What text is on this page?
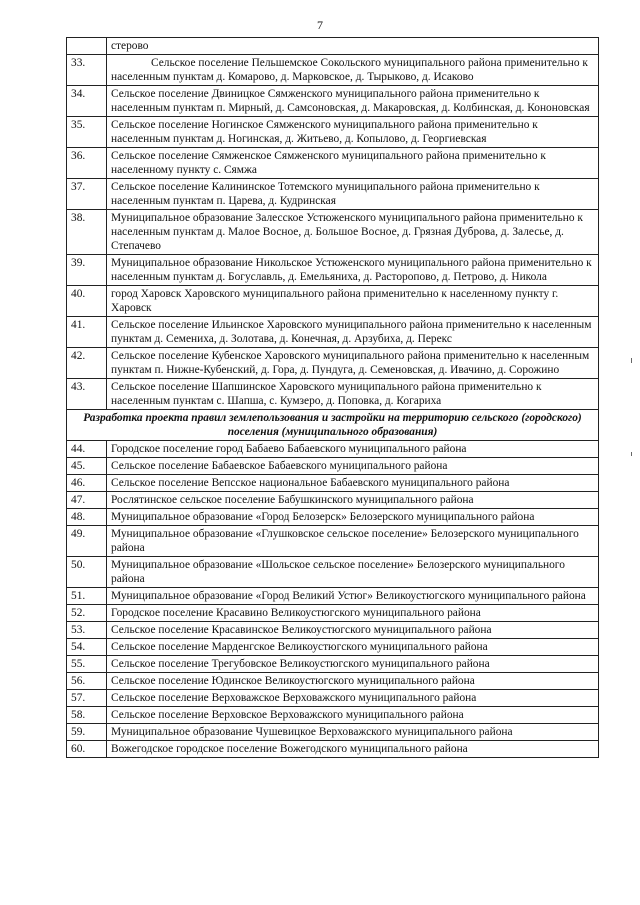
7
	стерово
33.	Сельское поселение Пельшемское Сокольского муниципального района применительно к населенным пунктам д. Комарово, д. Марковское, д. Тырыково, д. Исаково
34.	Сельское поселение Двиницкое Сямженского муниципального района применительно к населенным пунктам п. Мирный, д. Самсоновская, д. Макаровская, д. Колбинская, д. Кононовская
35.	Сельское поселение Ногинское Сямженского муниципального района применительно к населенным пунктам д. Ногинская, д. Житьево, д. Копылово, д. Георгиевская
36.	Сельское поселение Сямженское Сямженского муниципального района применительно к населенному пункту с. Сямжа
37.	Сельское поселение Калининское Тотемского муниципального района применительно к населенным пунктам п. Царева, д. Кудринская
38.	Муниципальное образование Залесское Устюженского муниципального района применительно к населенным пунктам д. Малое Восное, д. Большое Восное, д. Грязная Дуброва, д. Залесье, д. Степачево
39.	Муниципальное образование Никольское Устюженского муниципального района применительно к населенным пунктам д. Богуславль, д. Емельяниха, д. Расторопово, д. Петрово, д. Никола
40.	город Харовск Харовского муниципального района применительно к населенному пункту г. Харовск
41.	Сельское поселение Ильинское Харовского муниципального района применительно к населенным пунктам д. Семениха, д. Золотава, д. Конечная, д. Арзубиха, д. Перекс
42.	Сельское поселение Кубенское Харовского муниципального района применительно к населенным пунктам п. Нижне-Кубенский, д. Гора, д. Пундуга, д. Семеновская, д. Ивачино, д. Сорожино
43.	Сельское поселение Шапшинское Харовского муниципального района применительно к населенным пунктам с. Шапша, с. Кумзеро, д. Поповка, д. Когариха
Разработка проекта правил землепользования и застройки на территорию сельского (городского) поселения (муниципального образования)	
44.	Городское поселение город Бабаево Бабаевского муниципального района
45.	Сельское поселение Бабаевское Бабаевского муниципального района
46.	Сельское поселение Вепсское национальное Бабаевского муниципального района
47.	Рослятинское сельское поселение Бабушкинского муниципального района
48.	Муниципальное образование «Город Белозерск» Белозерского муниципального района
49.	Муниципальное образование «Глушковское сельское поселение» Белозерского муниципального района
50.	Муниципальное образование «Шольское сельское поселение» Белозерского муниципального района
51.	Муниципальное образование «Город Великий Устюг» Великоустюгского муниципального района
52.	Городское поселение Красавино Великоустюгского муниципального района
53.	Сельское поселение Красавинское Великоустюгского муниципального района
54.	Сельское поселение Марденгское Великоустюгского муниципального района
55.	Сельское поселение Трегубовское Великоустюгского муниципального района
56.	Сельское поселение Юдинское Великоустюгского муниципального района
57.	Сельское поселение Верховажское Верховажского муниципального района
58.	Сельское поселение Верховское Верховажского муниципального района
59.	Муниципальное образование Чушевицкое Верховажского муниципального района
60.	Вожегодское городское поселение Вожегодского муниципального района
